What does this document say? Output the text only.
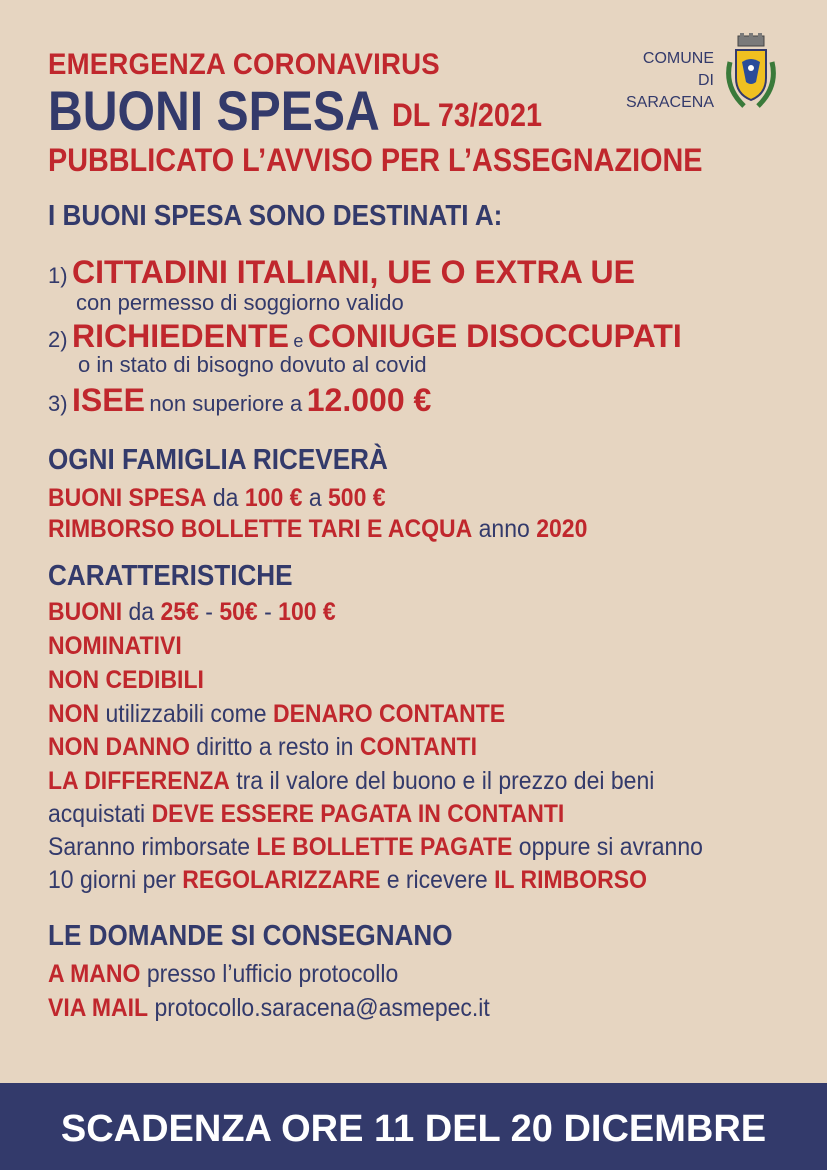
EMERGENZA CORONAVIRUS
BUONI SPESA DL 73/2021
PUBBLICATO L’AVVISO PER L’ASSEGNAZIONE
COMUNE
DI SARACENA
I BUONI SPESA SONO DESTINATI A:
1) CITTADINI ITALIANI, UE O EXTRA UE
con permesso di soggiorno valido
2) RICHIEDENTE e CONIUGE DISOCCUPATI
o in stato di bisogno dovuto al covid
3) ISEE non superiore a 12.000 €
OGNI FAMIGLIA RICEVERÀ
BUONI SPESA da 100 € a 500 €
RIMBORSO BOLLETTE TARI E ACQUA anno 2020
CARATTERISTICHE
BUONI da 25€ - 50€ - 100 €
NOMINATIVI
NON CEDIBILI
NON utilizzabili come DENARO CONTANTE
NON DANNO diritto a resto in CONTANTI
LA DIFFERENZA tra il valore del buono e il prezzo dei beni
acquistati DEVE ESSERE PAGATA IN CONTANTI
Saranno rimborsate LE BOLLETTE PAGATE oppure si avranno
10 giorni per REGOLARIZZARE e ricevere IL RIMBORSO
LE DOMANDE SI CONSEGNANO
A MANO presso l’ufficio protocollo
VIA MAIL protocollo.saracena@asmepec.it
SCADENZA ORE 11 DEL 20 DICEMBRE
